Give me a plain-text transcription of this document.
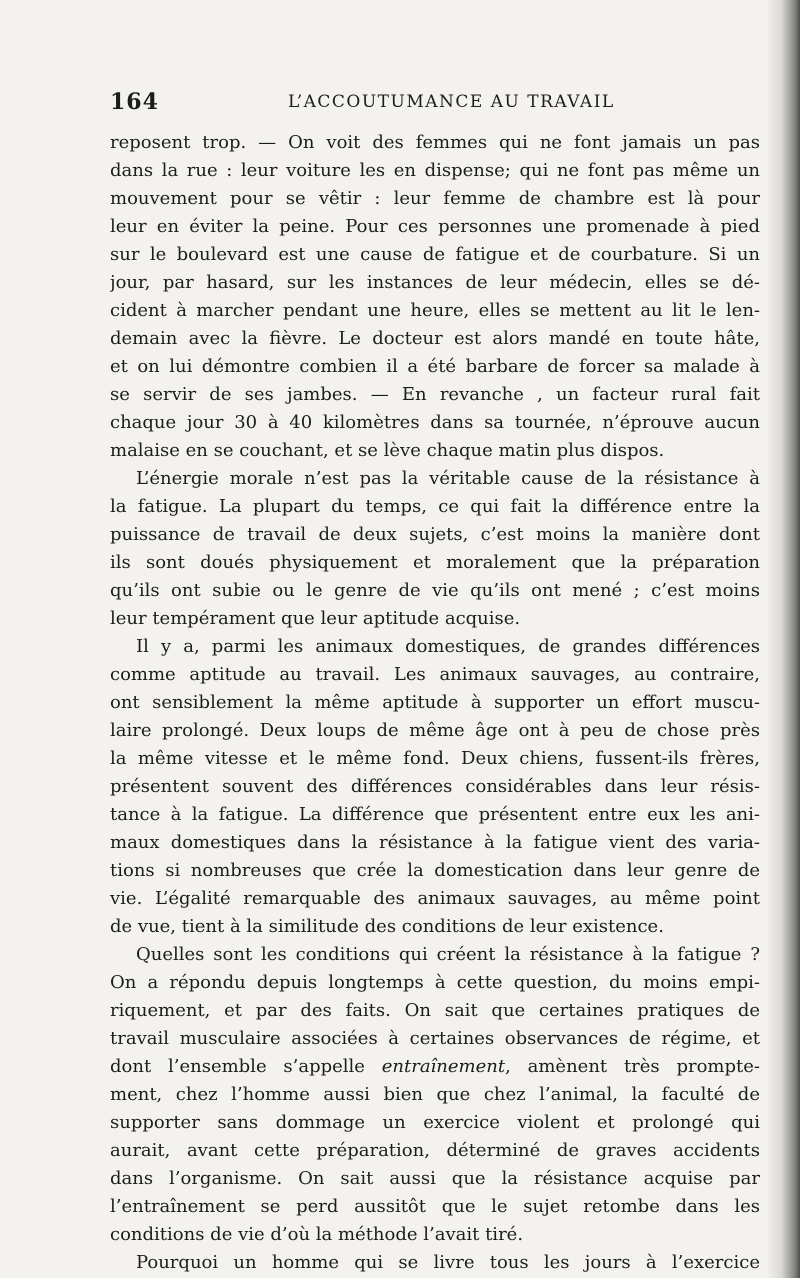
164	L’ACCOUTUMANCE AU TRAVAIL
reposent trop. — On voit des femmes qui ne font jamais un pas
dans la rue : leur voiture les en dispense; qui ne font pas même un
mouvement pour se vêtir : leur femme de chambre est là pour
leur en éviter la peine. Pour ces personnes une promenade à pied
sur le boulevard est une cause de fatigue et de courbature. Si un
jour, par hasard, sur les instances de leur médecin, elles se dé-
cident à marcher pendant une heure, elles se mettent au lit le len-
demain avec la fièvre. Le docteur est alors mandé en toute hâte,
et on lui démontre combien il a été barbare de forcer sa malade à
se servir de ses jambes. — En revanche , un facteur rural fait
chaque jour 30 à 40 kilomètres dans sa tournée, n’éprouve aucun
malaise en se couchant, et se lève chaque matin plus dispos.
L’énergie morale n’est pas la véritable cause de la résistance à
la fatigue. La plupart du temps, ce qui fait la différence entre la
puissance de travail de deux sujets, c’est moins la manière dont
ils sont doués physiquement et moralement que la préparation
qu’ils ont subie ou le genre de vie qu’ils ont mené ; c’est moins
leur tempérament que leur aptitude acquise.
Il y a, parmi les animaux domestiques, de grandes différences
comme aptitude au travail. Les animaux sauvages, au contraire,
ont sensiblement la même aptitude à supporter un effort muscu-
laire prolongé. Deux loups de même âge ont à peu de chose près
la même vitesse et le même fond. Deux chiens, fussent-ils frères,
présentent souvent des différences considérables dans leur résis-
tance à la fatigue. La différence que présentent entre eux les ani-
maux domestiques dans la résistance à la fatigue vient des varia-
tions si nombreuses que crée la domestication dans leur genre de
vie. L’égalité remarquable des animaux sauvages, au même point
de vue, tient à la similitude des conditions de leur existence.
Quelles sont les conditions qui créent la résistance à la fatigue ?
On a répondu depuis longtemps à cette question, du moins empi-
riquement, et par des faits. On sait que certaines pratiques de
travail musculaire associées à certaines observances de régime, et
dont l’ensemble s’appelle entraînement, amènent très prompte-
ment, chez l’homme aussi bien que chez l’animal, la faculté de
supporter sans dommage un exercice violent et prolongé qui
aurait, avant cette préparation, déterminé de graves accidents
dans l’organisme. On sait aussi que la résistance acquise par
l’entraînement se perd aussitôt que le sujet retombe dans les
conditions de vie d’où la méthode l’avait tiré.
Pourquoi un homme qui se livre tous les jours à l’exercice
